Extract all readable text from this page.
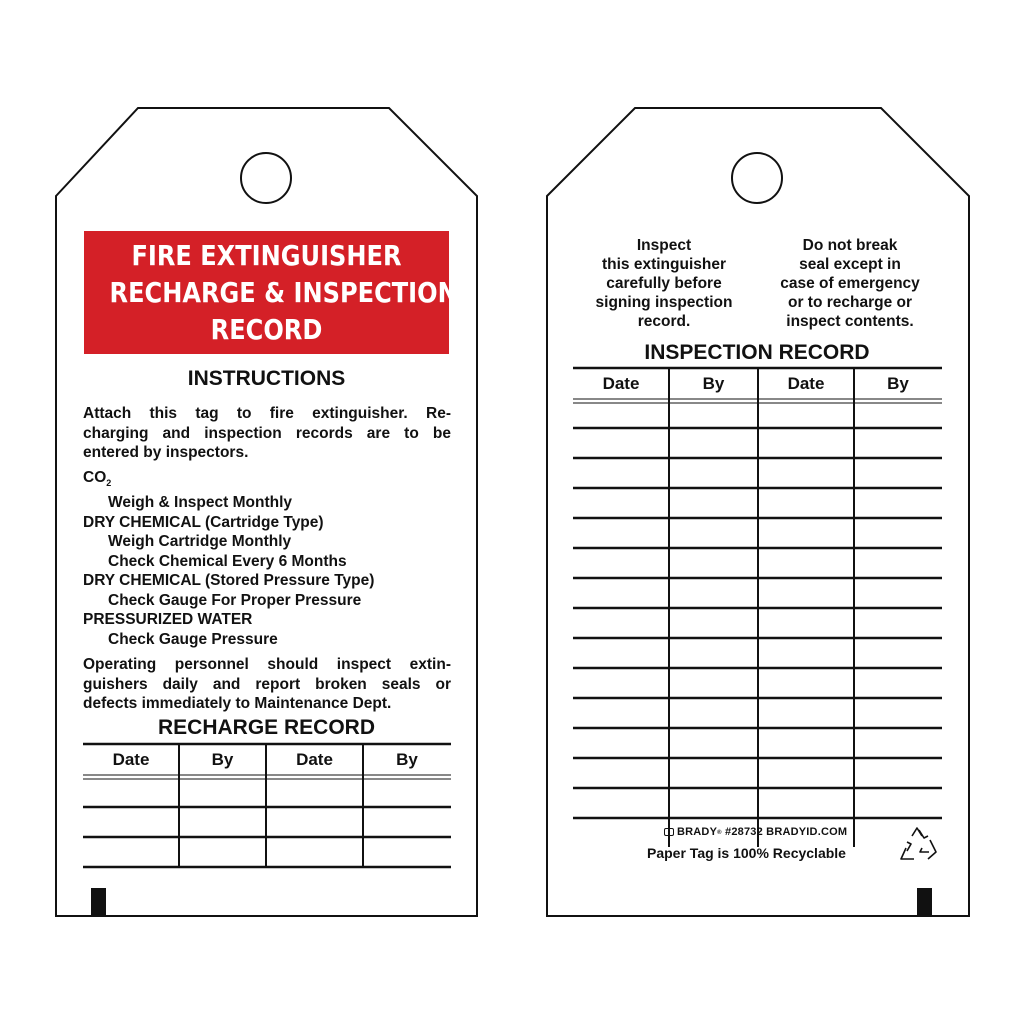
FIRE EXTINGUISHER
RECHARGE & INSPECTION
RECORD
INSTRUCTIONS
Attach this tag to fire extinguisher. Re-
charging and inspection records are to be
entered by inspectors.
$CO_2$
Weigh & Inspect Monthly
DRY CHEMICAL (Cartridge Type)
Weigh Cartridge Monthly
Check Chemical Every 6 Months
DRY CHEMICAL (Stored Pressure Type)
Check Gauge For Proper Pressure
PRESSURIZED WATER
Check Gauge Pressure
Operating personnel should inspect extin-
guishers daily and report broken seals or
defects immediately to Maintenance Dept.
RECHARGE RECORD
Date	By	Date	By
Inspect
this extinguisher
carefully before
signing inspection
record.
Do not break
seal except in
case of emergency
or to recharge or
inspect contents.
INSPECTION RECORD
Date	By	Date	By
BRADY® #28732 BRADYID.COM
Paper Tag is 100% Recyclable
